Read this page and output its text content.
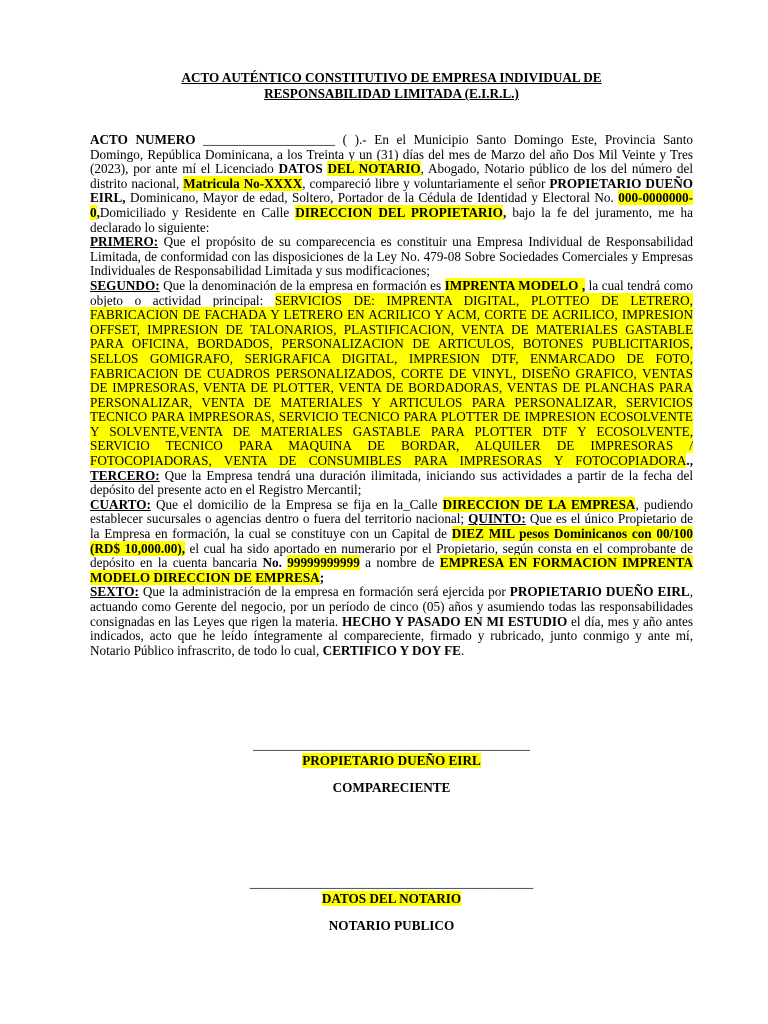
ACTO AUTÉNTICO CONSTITUTIVO DE EMPRESA INDIVIDUAL DE
RESPONSABILIDAD LIMITADA (E.I.R.L.)

ACTO NUMERO ____________________ ( ).- En el Municipio Santo Domingo Este, Provincia Santo Domingo, República Dominicana, a los Treinta y un (31) días del mes de Marzo del año Dos Mil Veinte y Tres (2023), por ante mí el Licenciado DATOS DEL NOTARIO, Abogado, Notario público de los del número del distrito nacional, Matricula No-XXXX, compareció libre y voluntariamente el señor PROPIETARIO DUEÑO EIRL, Dominicano, Mayor de edad, Soltero, Portador de la Cédula de Identidad y Electoral No. 000-0000000-0,Domiciliado y Residente en Calle DIRECCION DEL PROPIETARIO, bajo la fe del juramento, me ha declarado lo siguiente:

PRIMERO: Que el propósito de su comparecencia es constituir una Empresa Individual de Responsabilidad Limitada, de conformidad con las disposiciones de la Ley No. 479-08 Sobre Sociedades Comerciales y Empresas Individuales de Responsabilidad Limitada y sus modificaciones;

SEGUNDO: Que la denominación de la empresa en formación es IMPRENTA MODELO , la cual tendrá como objeto o actividad principal: SERVICIOS DE: IMPRENTA DIGITAL, PLOTTEO DE LETRERO, FABRICACION DE FACHADA Y LETRERO EN ACRILICO Y ACM, CORTE DE ACRILICO, IMPRESION OFFSET, IMPRESION DE TALONARIOS, PLASTIFICACION, VENTA DE MATERIALES GASTABLE PARA OFICINA, BORDADOS, PERSONALIZACION DE ARTICULOS, BOTONES PUBLICITARIOS, SELLOS GOMIGRAFO, SERIGRAFICA DIGITAL, IMPRESION DTF, ENMARCADO DE FOTO, FABRICACION DE CUADROS PERSONALIZADOS, CORTE DE VINYL, DISEÑO GRAFICO, VENTAS DE IMPRESORAS, VENTA DE PLOTTER, VENTA DE BORDADORAS, VENTAS DE PLANCHAS PARA PERSONALIZAR, VENTA DE MATERIALES Y ARTICULOS PARA PERSONALIZAR, SERVICIOS TECNICO PARA IMPRESORAS, SERVICIO TECNICO PARA PLOTTER DE IMPRESION ECOSOLVENTE Y SOLVENTE,VENTA DE MATERIALES GASTABLE PARA PLOTTER DTF Y ECOSOLVENTE, SERVICIO TECNICO PARA MAQUINA DE BORDAR, ALQUILER DE IMPRESORAS / FOTOCOPIADORAS, VENTA DE CONSUMIBLES PARA IMPRESORAS Y FOTOCOPIADORA., TERCERO: Que la Empresa tendrá una duración ilimitada, iniciando sus actividades a partir de la fecha del depósito del presente acto en el Registro Mercantil;

CUARTO: Que el domicilio de la Empresa se fija en la_Calle DIRECCION DE LA EMPRESA, pudiendo establecer sucursales o agencias dentro o fuera del territorio nacional; QUINTO: Que es el único Propietario de la Empresa en formación, la cual se constituye con un Capital de DIEZ MIL pesos Dominicanos con 00/100 (RD$ 10,000.00), el cual ha sido aportado en numerario por el Propietario, según consta en el comprobante de depósito en la cuenta bancaria No. 99999999999 a nombre de EMPRESA EN FORMACION IMPRENTA MODELO DIRECCION DE EMPRESA;

SEXTO: Que la administración de la empresa en formación será ejercida por PROPIETARIO DUEÑO EIRL, actuando como Gerente del negocio, por un período de cinco (05) años y asumiendo todas las responsabilidades consignadas en las Leyes que rigen la materia. HECHO Y PASADO EN MI ESTUDIO el día, mes y año antes indicados, acto que he leído íntegramente al compareciente, firmado y rubricado, junto conmigo y ante mí, Notario Público infrascrito, de todo lo cual, CERTIFICO Y DOY FE.

__________________________________________
PROPIETARIO DUEÑO EIRL
COMPARECIENTE
___________________________________________
DATOS DEL NOTARIO
NOTARIO PUBLICO
